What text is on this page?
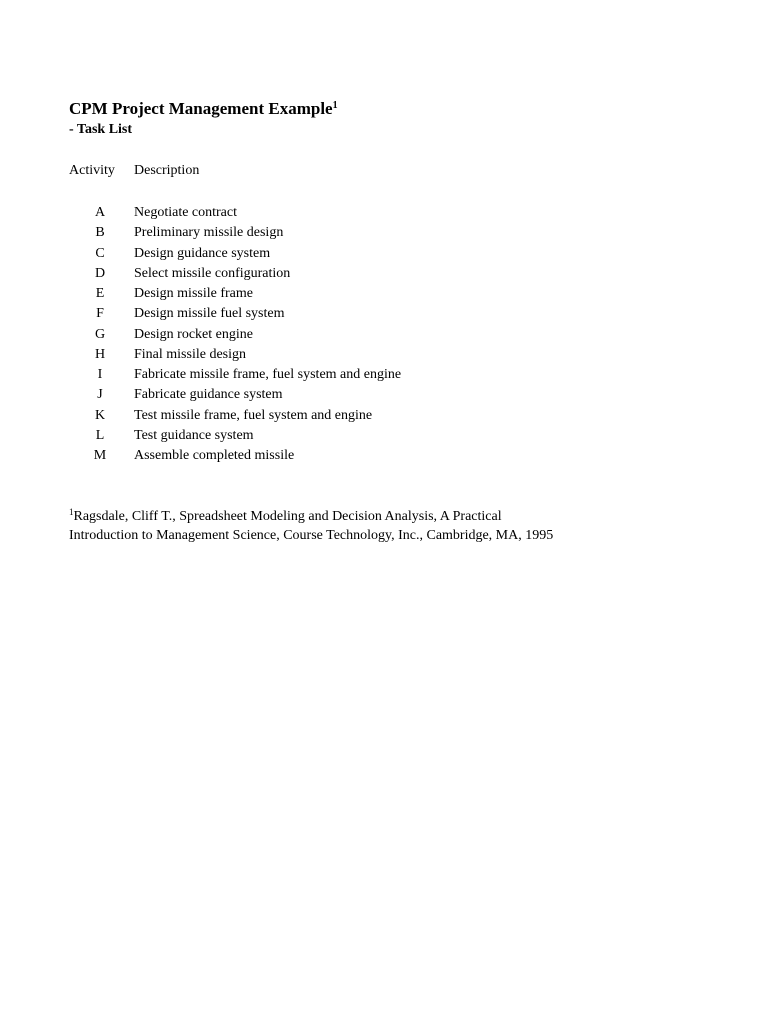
CPM Project Management Example$^1$
- Task List
Activity Description
A	Negotiate contract
B	Preliminary missile design
C	Design guidance system
D	Select missile configuration
E	Design missile frame
F	Design missile fuel system
G	Design rocket engine
H	Final missile design
I	Fabricate missile frame, fuel system and engine
J	Fabricate guidance system
K	Test missile frame, fuel system and engine
L	Test guidance system
M	Assemble completed missile
$^1$Ragsdale, Cliff T., Spreadsheet Modeling and Decision Analysis, A Practical
Introduction to Management Science, Course Technology, Inc., Cambridge, MA, 1995
